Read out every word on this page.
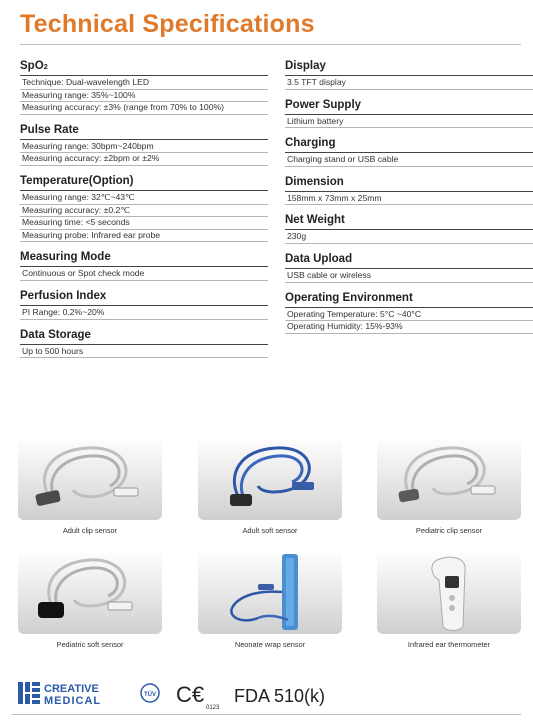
Technical Specifications
SpO2
Technique: Dual-wavelength LED
Measuring range: 35%~100%
Measuring accuracy: ±3% (range from 70% to 100%)
Pulse Rate
Measuring range: 30bpm~240bpm
Measuring accuracy: ±2bpm or ±2%
Temperature(Option)
Measuring range: 32℃~43℃
Measuring accuracy: ±0.2℃
Measuring time: <5 seconds
Measuring probe: Infrared ear probe
Measuring Mode
Continuous or Spot check mode
Perfusion Index
PI Range: 0.2%~20%
Data Storage
Up to 500 hours
Display
3.5 TFT display
Power Supply
Lithium battery
Charging
Charging stand or USB cable
Dimension
158mm x 73mm x 25mm
Net Weight
230g
Data Upload
USB cable or wireless
Operating Environment
Operating Temperature: 5°C ~40°C
Operating Humidity: 15%-93%
Adult clip sensor	Adult soft sensor	Pediatric clip sensor
Pediatric soft sensor	Neonate wrap sensor	Infrared ear thermometer
CREATIVE
MEDICAL	TÜV C€
0123
FDA 510(k)
